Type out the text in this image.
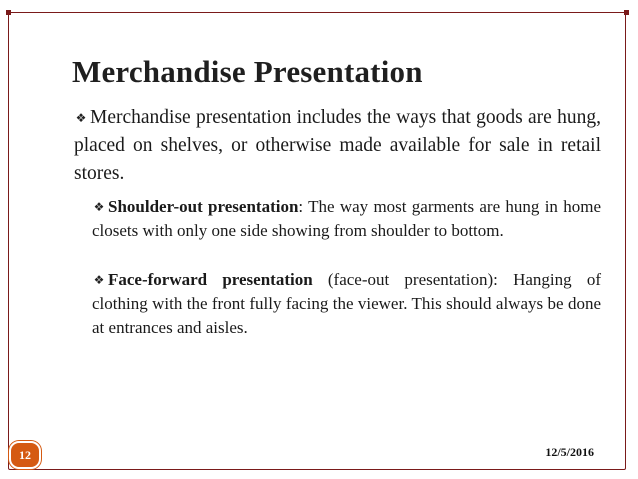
Merchandise Presentation
❖ Merchandise presentation includes the ways that goods are hung, placed on shelves, or otherwise made available for sale in retail stores.
❖ Shoulder-out presentation: The way most garments are hung in home closets with only one side showing from shoulder to bottom.
❖ Face-forward presentation (face-out presentation): Hanging of clothing with the front fully facing the viewer. This should always be done at entrances and aisles.
12	12/5/2016
